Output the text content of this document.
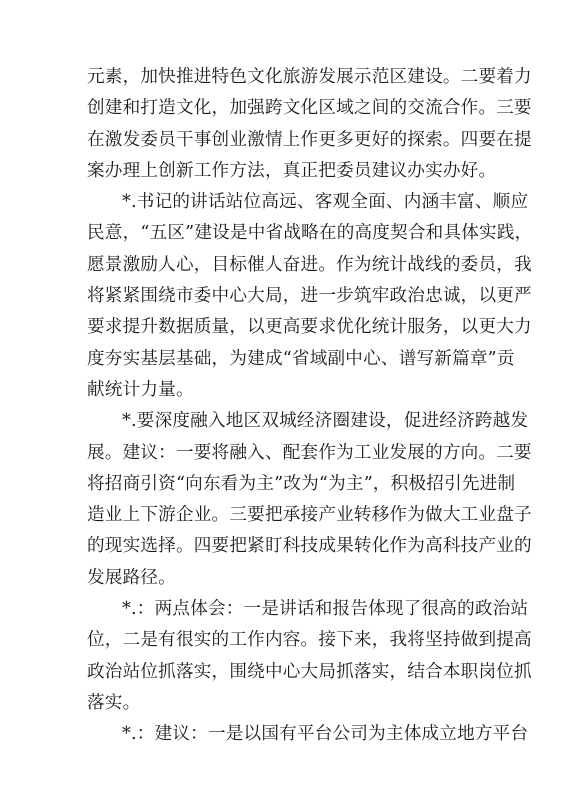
元素，加快推进特色文化旅游发展示范区建设。二要着力
创建和打造文化，加强跨文化区域之间的交流合作。三要
在激发委员干事创业激情上作更多更好的探索。四要在提
案办理上创新工作方法，真正把委员建议办实办好。
*.书记的讲话站位高远、客观全面、内涵丰富、顺应
民意，“五区”建设是中省战略在的高度契合和具体实践，
愿景激励人心，目标催人奋进。作为统计战线的委员，我
将紧紧围绕市委中心大局，进一步筑牢政治忠诚，以更严
要求提升数据质量，以更高要求优化统计服务，以更大力
度夯实基层基础，为建成“省域副中心、谱写新篇章”贡
献统计力量。
*.要深度融入地区双城经济圈建设，促进经济跨越发
展。建议：一要将融入、配套作为工业发展的方向。二要
将招商引资“向东看为主”改为“为主”，积极招引先进制
造业上下游企业。三要把承接产业转移作为做大工业盘子
的现实选择。四要把紧盯科技成果转化作为高科技产业的
发展路径。
*.：两点体会：一是讲话和报告体现了很高的政治站
位，二是有很实的工作内容。接下来，我将坚持做到提高
政治站位抓落实，围绕中心大局抓落实，结合本职岗位抓
落实。
*.：建议：一是以国有平台公司为主体成立地方平台
